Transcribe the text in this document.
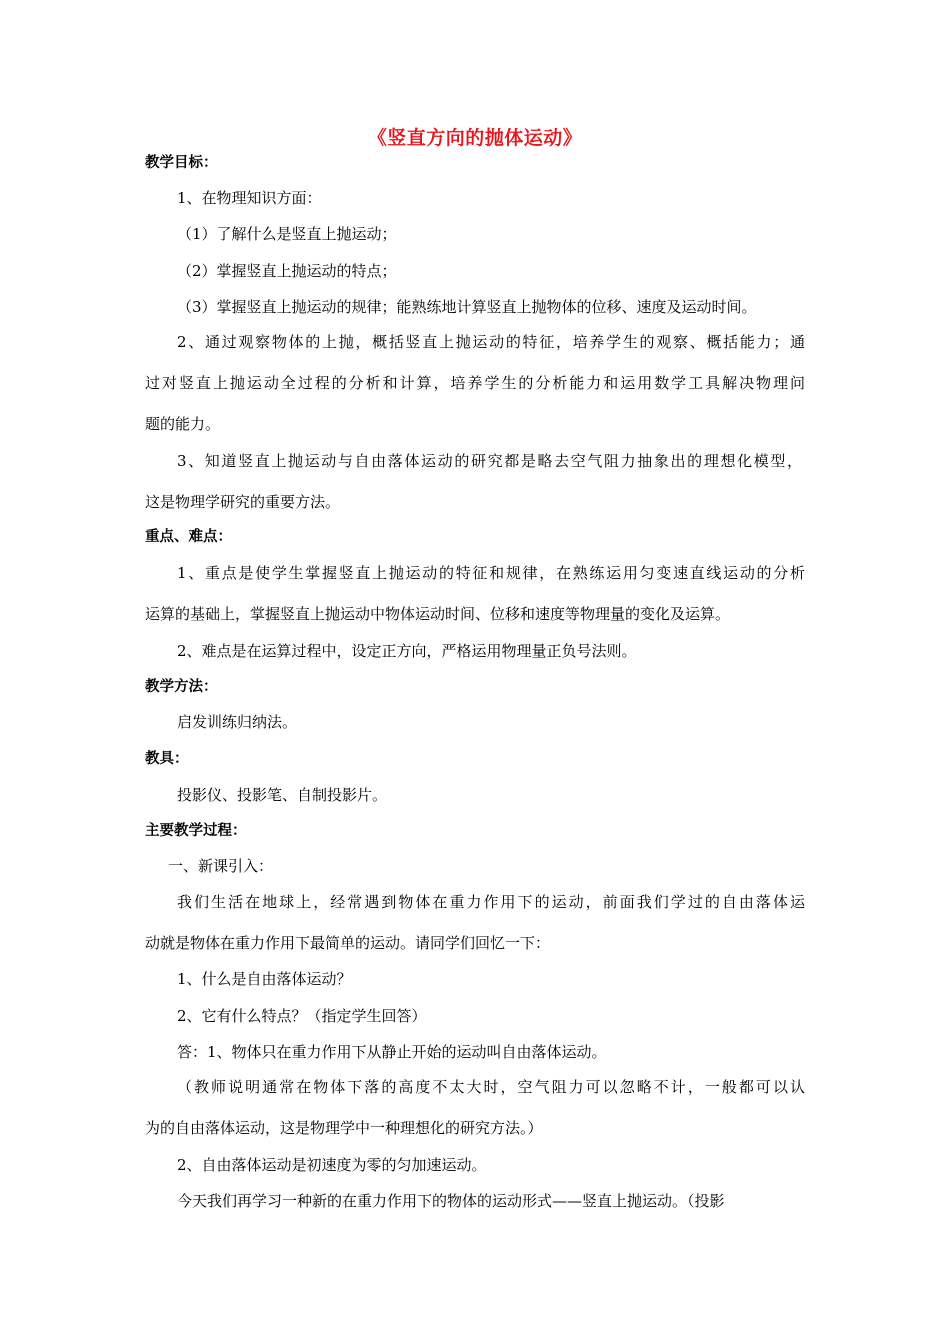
《竖直方向的抛体运动》
教学目标：
1、在物理知识方面：
（1）了解什么是竖直上抛运动；
（2）掌握竖直上抛运动的特点；
（3）掌握竖直上抛运动的规律；能熟练地计算竖直上抛物体的位移、速度及运动时间。
2、通过观察物体的上抛，概括竖直上抛运动的特征，培养学生的观察、概括能力；通
过对竖直上抛运动全过程的分析和计算，培养学生的分析能力和运用数学工具解决物理问
题的能力。
3、知道竖直上抛运动与自由落体运动的研究都是略去空气阻力抽象出的理想化模型，
这是物理学研究的重要方法。
重点、难点：
1、重点是使学生掌握竖直上抛运动的特征和规律，在熟练运用匀变速直线运动的分析
运算的基础上，掌握竖直上抛运动中物体运动时间、位移和速度等物理量的变化及运算。
2、难点是在运算过程中，设定正方向，严格运用物理量正负号法则。
教学方法：
启发训练归纳法。
教具：
投影仪、投影笔、自制投影片。
主要教学过程：
一、新课引入：
我们生活在地球上，经常遇到物体在重力作用下的运动，前面我们学过的自由落体运
动就是物体在重力作用下最简单的运动。请同学们回忆一下：
1、什么是自由落体运动？
2、它有什么特点？（指定学生回答）
答：1、物体只在重力作用下从静止开始的运动叫自由落体运动。
（教师说明通常在物体下落的高度不太大时，空气阻力可以忽略不计，一般都可以认
为的自由落体运动，这是物理学中一种理想化的研究方法。）
2、自由落体运动是初速度为零的匀加速运动。
今天我们再学习一种新的在重力作用下的物体的运动形式——竖直上抛运动。（投影
